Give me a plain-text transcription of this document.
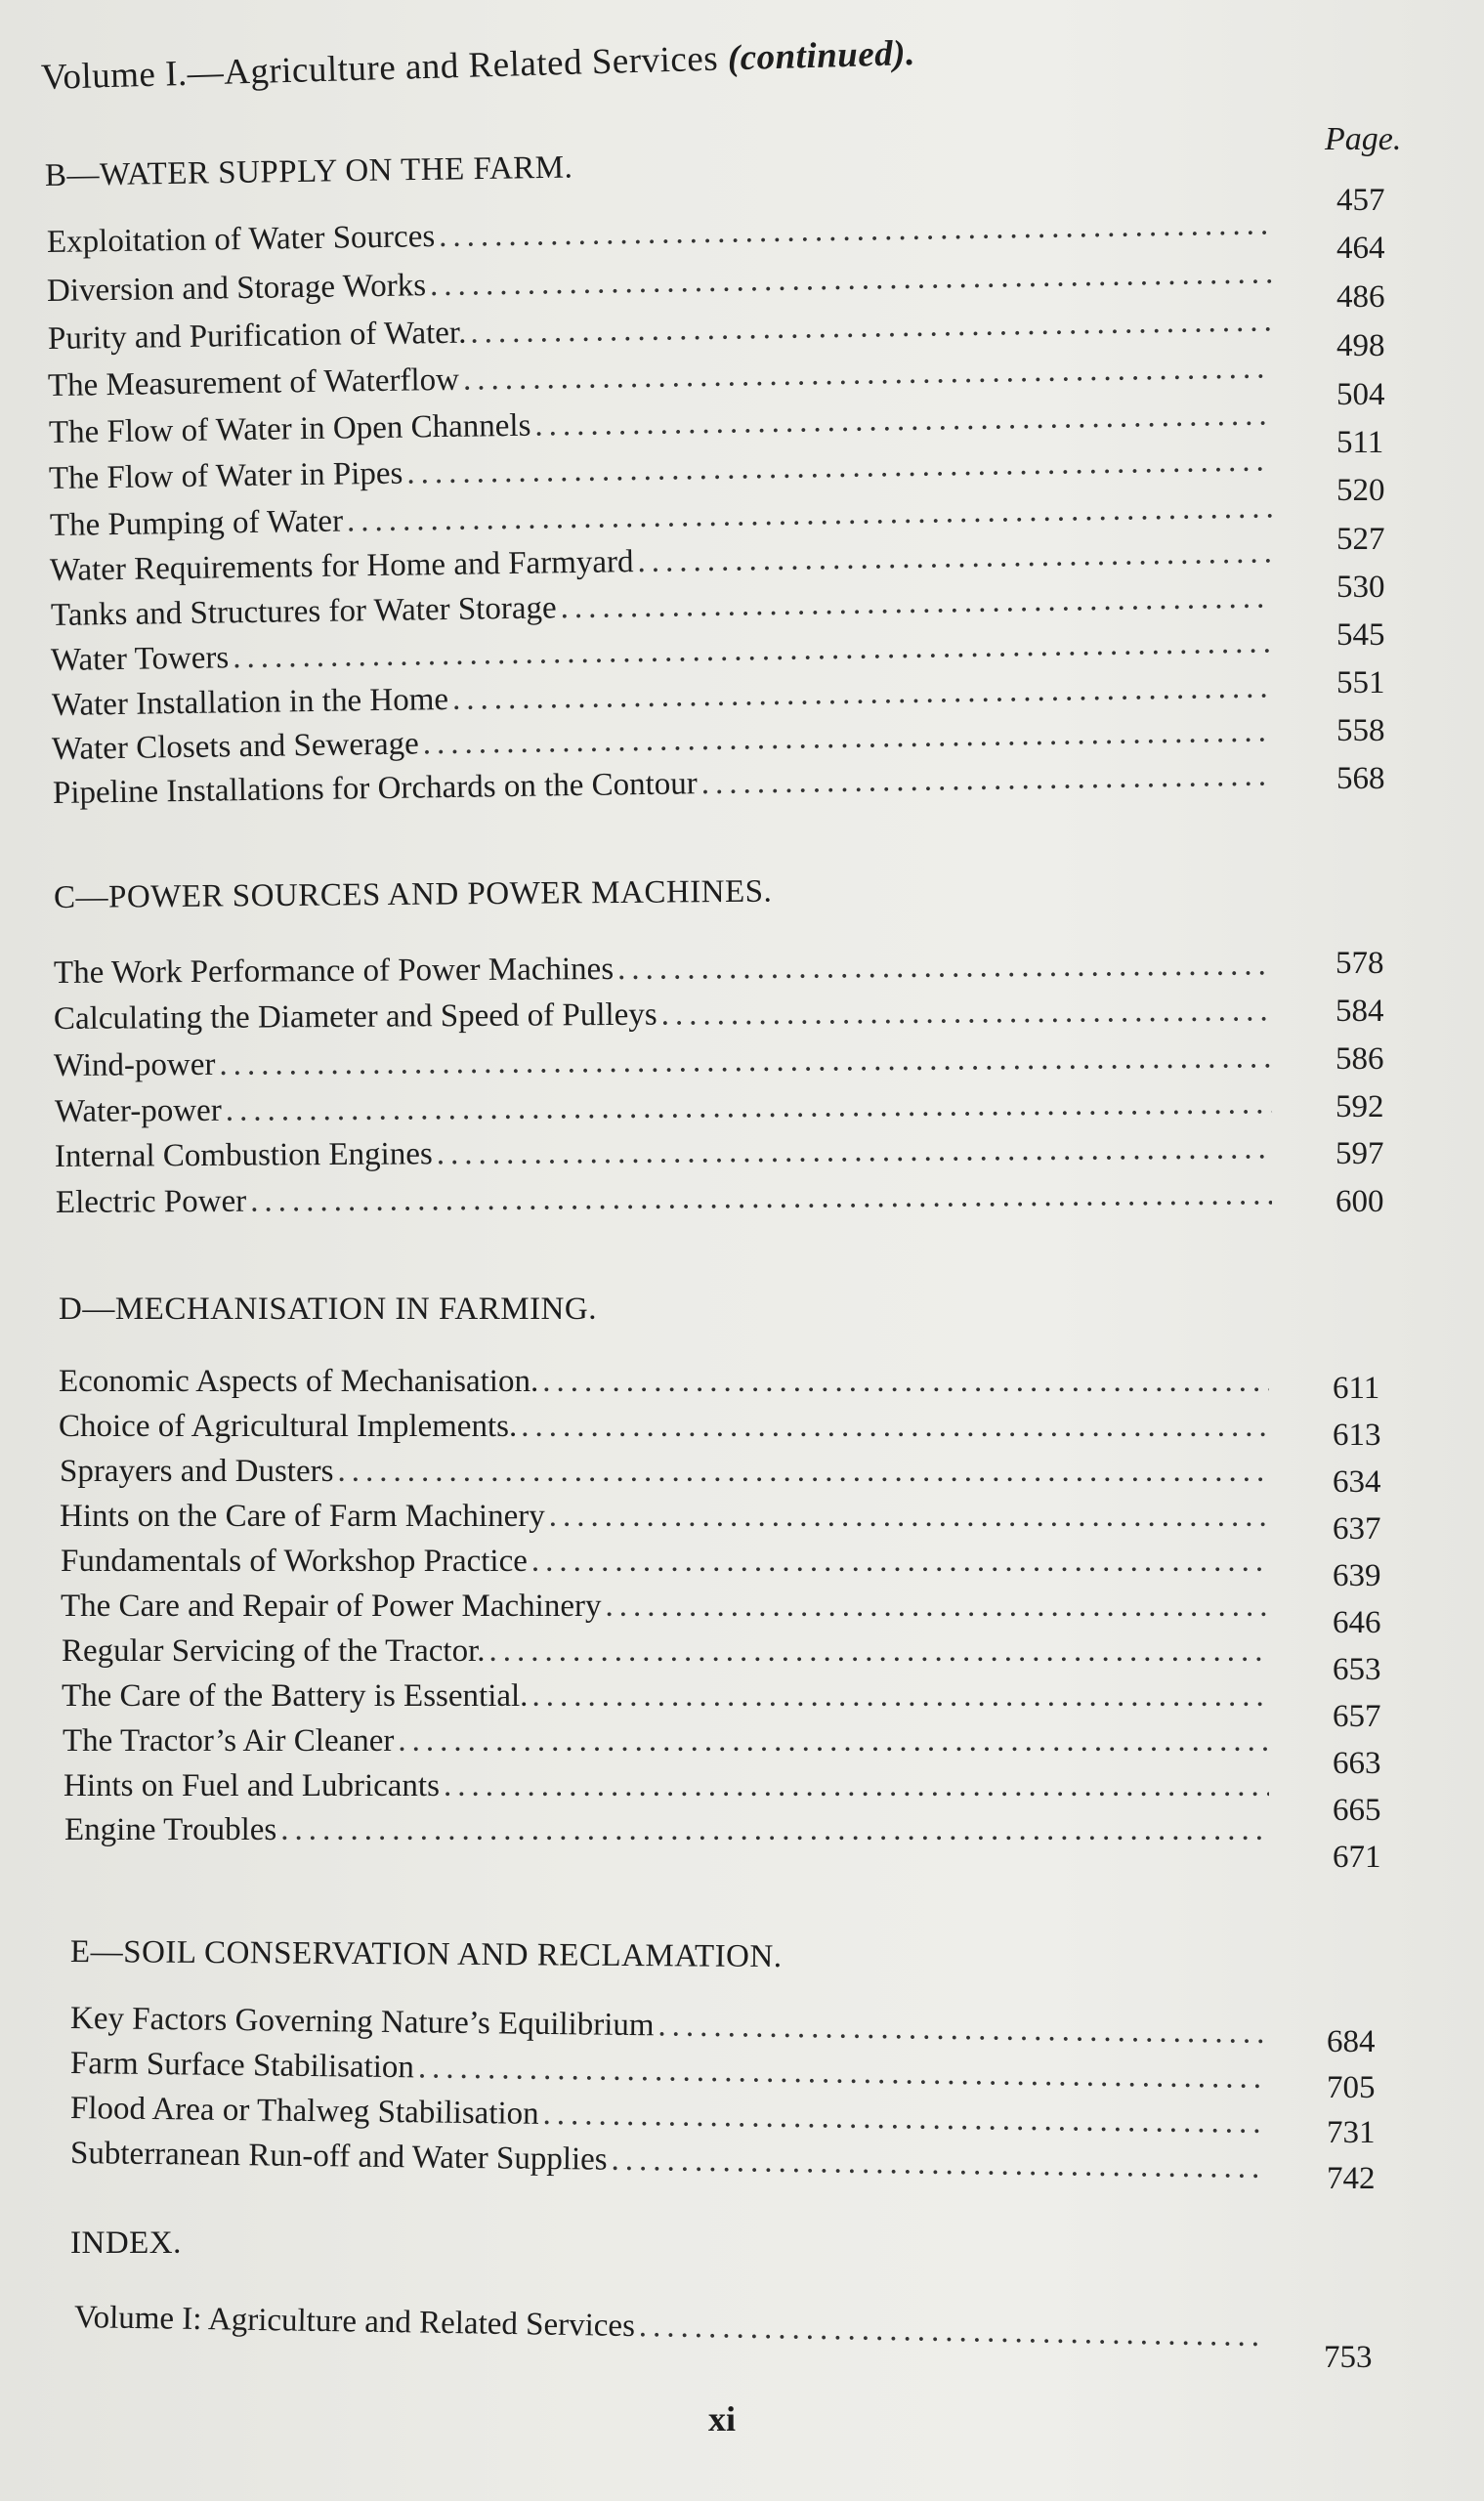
Volume I.—Agriculture and Related Services (continued).
Page.
B—WATER SUPPLY ON THE FARM.
Exploitation of Water Sources
.....
Diversion and Storage Works
.....
Purity and Purification of Water.
.....
The Measurement of Waterflow
.....
The Flow of Water in Open Channels
.....
The Flow of Water in Pipes
.....
The Pumping of Water
.....
Water Requirements for Home and Farmyard
.....
Tanks and Structures for Water Storage
.....
Water Towers
.....
Water Installation in the Home
.....
Water Closets and Sewerage
.....
Pipeline Installations for Orchards on the Contour
.....
457
464
486
498
504
511
520
527
530
545
551
558
568
C—POWER SOURCES AND POWER MACHINES.
The Work Performance of Power Machines
.....
Calculating the Diameter and Speed of Pulleys
.....
Wind-power
.....
Water-power
.....
Internal Combustion Engines
.....
Electric Power
.....
578
584
586
592
597
600
D—MECHANISATION IN FARMING.
Economic Aspects of Mechanisation.
.....
Choice of Agricultural Implements.
.....
Sprayers and Dusters
.....
Hints on the Care of Farm Machinery
.....
Fundamentals of Workshop Practice
.....
The Care and Repair of Power Machinery
.....
Regular Servicing of the Tractor.
.....
The Care of the Battery is Essential.
.....
The Tractor’s Air Cleaner
.....
Hints on Fuel and Lubricants
.....
Engine Troubles
.....
611
613
634
637
639
646
653
657
663
665
671
E—SOIL CONSERVATION AND RECLAMATION.
Key Factors Governing Nature’s Equilibrium
.....
Farm Surface Stabilisation
.....
Flood Area or Thalweg Stabilisation
.....
Subterranean Run-off and Water Supplies
.....
684
705
731
742
INDEX.
Volume I: Agriculture and Related Services
.....
753
xi
